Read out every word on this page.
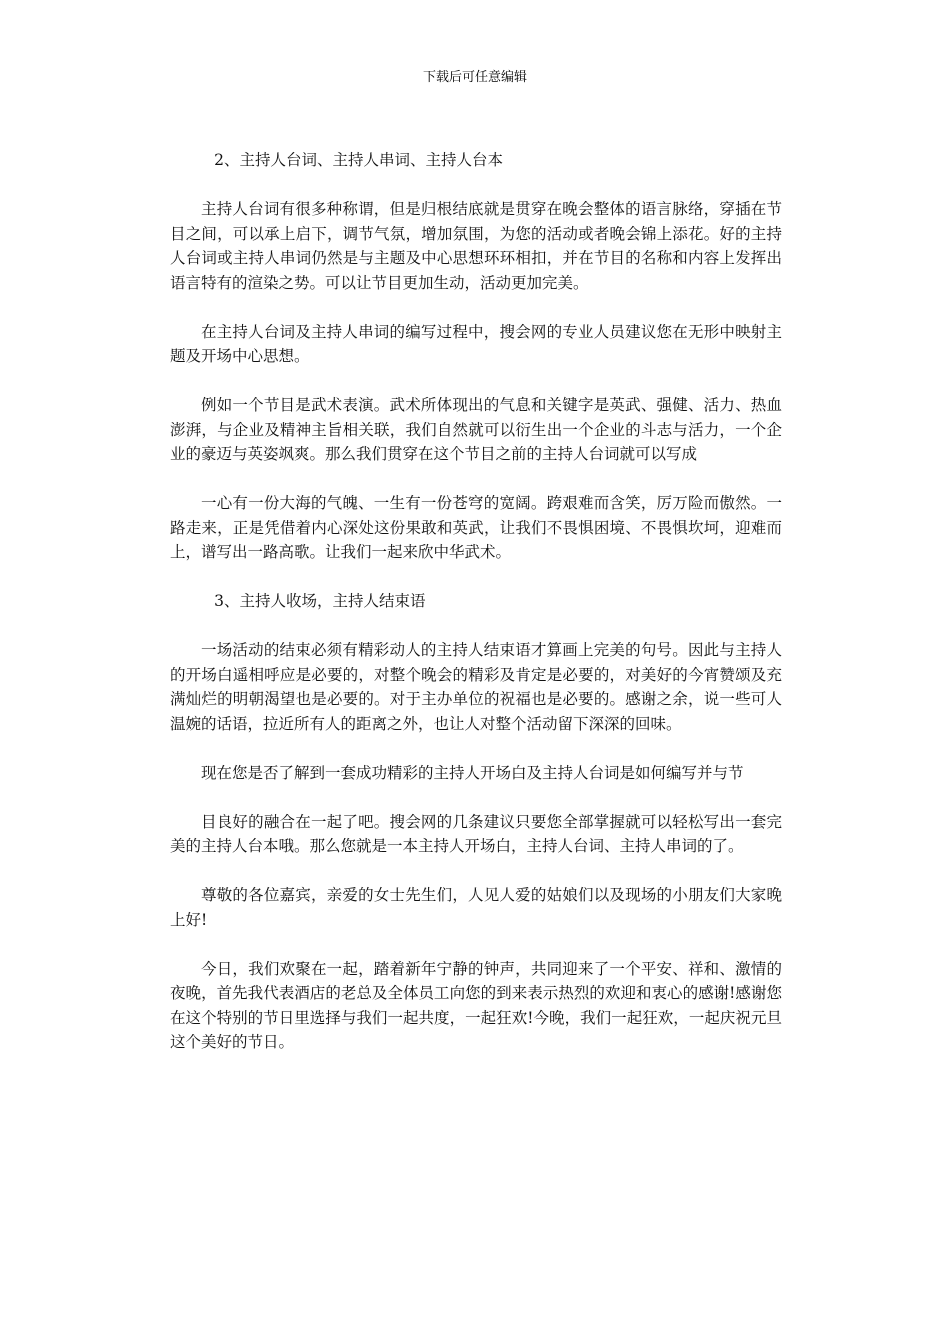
下载后可任意编辑

2、主持人台词、主持人串词、主持人台本

主持人台词有很多种称谓，但是归根结底就是贯穿在晚会整体的语言脉络，穿插在节目之间，可以承上启下，调节气氛，增加氛围，为您的活动或者晚会锦上添花。好的主持人台词或主持人串词仍然是与主题及中心思想环环相扣，并在节目的名称和内容上发挥出语言特有的渲染之势。可以让节目更加生动，活动更加完美。

在主持人台词及主持人串词的编写过程中，搜会网的专业人员建议您在无形中映射主题及开场中心思想。

例如一个节目是武术表演。武术所体现出的气息和关键字是英武、强健、活力、热血澎湃，与企业及精神主旨相关联，我们自然就可以衍生出一个企业的斗志与活力，一个企业的豪迈与英姿飒爽。那么我们贯穿在这个节目之前的主持人台词就可以写成

一心有一份大海的气魄、一生有一份苍穹的宽阔。跨艰难而含笑，厉万险而傲然。一路走来，正是凭借着内心深处这份果敢和英武，让我们不畏惧困境、不畏惧坎坷，迎难而上，谱写出一路高歌。让我们一起来欣中华武术。

3、主持人收场，主持人结束语

一场活动的结束必须有精彩动人的主持人结束语才算画上完美的句号。因此与主持人的开场白遥相呼应是必要的，对整个晚会的精彩及肯定是必要的，对美好的今宵赞颂及充满灿烂的明朝渴望也是必要的。对于主办单位的祝福也是必要的。感谢之余，说一些可人温婉的话语，拉近所有人的距离之外，也让人对整个活动留下深深的回味。

现在您是否了解到一套成功精彩的主持人开场白及主持人台词是如何编写并与节

目良好的融合在一起了吧。搜会网的几条建议只要您全部掌握就可以轻松写出一套完美的主持人台本哦。那么您就是一本主持人开场白，主持人台词、主持人串词的了。

尊敬的各位嘉宾，亲爱的女士先生们，人见人爱的姑娘们以及现场的小朋友们大家晚上好!

今日，我们欢聚在一起，踏着新年宁静的钟声，共同迎来了一个平安、祥和、激情的夜晚，首先我代表酒店的老总及全体员工向您的到来表示热烈的欢迎和衷心的感谢!感谢您在这个特别的节日里选择与我们一起共度，一起狂欢!今晚，我们一起狂欢，一起庆祝元旦这个美好的节日。
